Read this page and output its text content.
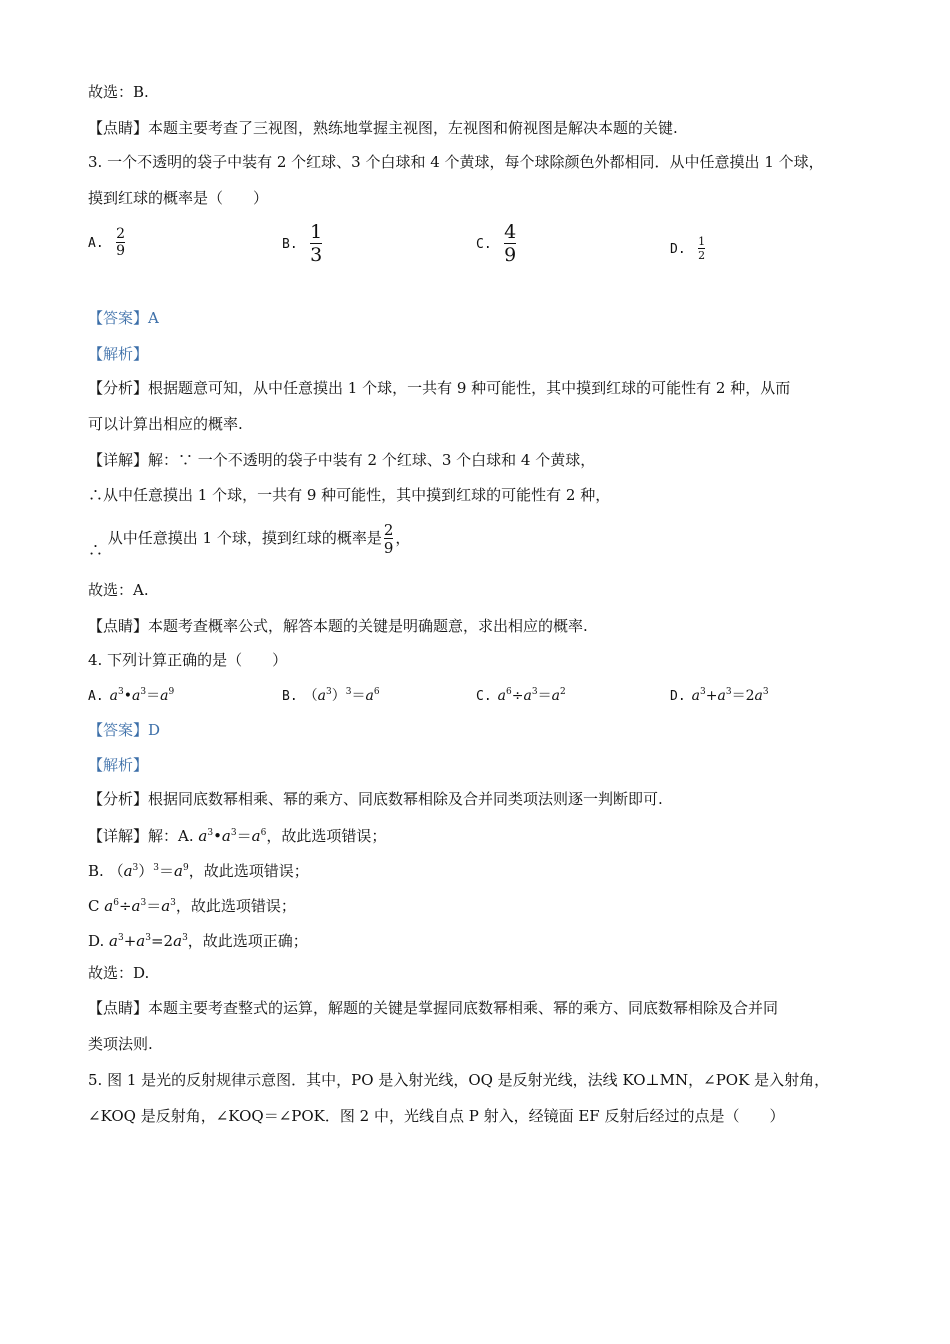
故选：B.
【点睛】本题主要考查了三视图，熟练地掌握主视图，左视图和俯视图是解决本题的关键.
3. 一个不透明的袋子中装有 2 个红球、3 个白球和 4 个黄球，每个球除颜色外都相同．从中任意摸出 1 个球，
摸到红球的概率是（　　）
A. $\frac{2}{9}$	B. $\frac{1}{3}$	C. $\frac{4}{9}$	D. $\frac{1}{2}$
【答案】A
【解析】
【分析】根据题意可知，从中任意摸出 1 个球，一共有 9 种可能性，其中摸到红球的可能性有 2 种，从而
可以计算出相应的概率.
【详解】解：∵ 一个不透明的袋子中装有 2 个红球、3 个白球和 4 个黄球，
∴从中任意摸出 1 个球，一共有 9 种可能性，其中摸到红球的可能性有 2 种，
∴ 从中任意摸出 1 个球，摸到红球的概率是 $\frac{2}{9}$ ，
故选：A.
【点睛】本题考查概率公式，解答本题的关键是明确题意，求出相应的概率.
4. 下列计算正确的是（　　）
A. $a^3•a^3=a^9$	B. $(a^3)^3=a^6$	C. $a^6\div a^3=a^2$	D. $a^3+a^3=2a^3$
【答案】D
【解析】
【分析】根据同底数幂相乘、幂的乘方、同底数幂相除及合并同类项法则逐一判断即可.
【详解】解：A. $a^3•a^3=a^6$，故此选项错误；
B. $(a^3)^3=a^9$，故此选项错误；
C $a^6\div a^3=a^3$，故此选项错误；
D. $a^3+a^3=2a^3$，故此选项正确；
故选：D.
【点睛】本题主要考查整式的运算，解题的关键是掌握同底数幂相乘、幂的乘方、同底数幂相除及合并同
类项法则.
5. 图 1 是光的反射规律示意图．其中，PO 是入射光线，OQ 是反射光线，法线 KO⊥MN，∠POK 是入射角，
∠KOQ 是反射角，∠KOQ＝∠POK．图 2 中，光线自点 P 射入，经镜面 EF 反射后经过的点是（　　）
